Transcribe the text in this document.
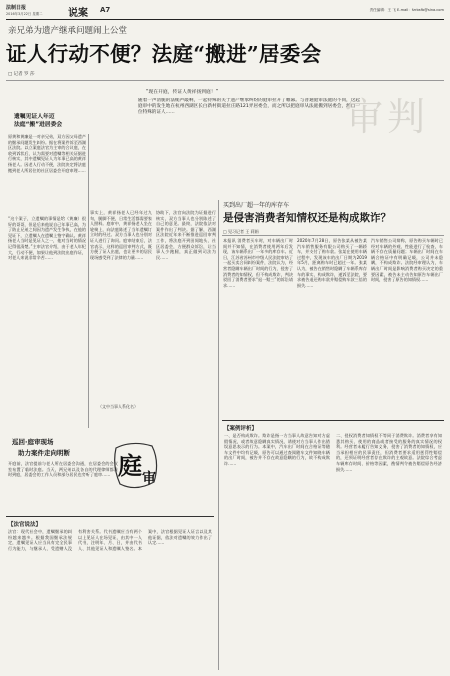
法制日报
2016年3月22日 星期二	说案 A7	责任编辑：王 飞 E-mail：fzrbsfb@sina.com
亲兄弟为遗产继承问题闹上公堂
证人行动不便？法庭“搬进”居委会
□ 记者 罗 莎
“现在开庭，传证人黄祥扬到庭！”
随着一声清脆的法槌声敲响，一起特殊的关于遗产继承纠纷的庭审拉开了帷幕。与普通庭审法庭的不同，这起庭审中的发生地在杭州西湖区长白新村街道拉庄路121弄居委会，而之所以把庭审从法庭搬到居委会，源自一位特殊的证人……	审判
遗嘱见证人年迈
法庭“搬”进居委会
原黄和黄廉是一对亲兄弟，双方因父母遗产的继承问题发生纠纷。据在将案件诉至西湖区法院。以立案庭法官为主审的合议庭，在收到诉状后，认为需要对遗嘱等相关证据进行核实，其中遗嘱见证人为年事已高的黄祥扬老人。因老人行动不便，法院决定将法庭搬到老人所居住的社区居委会开庭审理……
“这个案子，立遗嘱的事情是给（黄廉）很好的哥哥，但是后来他说自己年事已高，为了防止兄弟之间因为遗产发生争执，在他的见证下，立遗嘱人在遗嘱上签字确认。黄祥扬老人当时是见证人之一，他对当时的情况记得很清楚。”主审法官介绍，由于老人年纪大，行动不便，如果让他到法院出庭作证，对老人来说非常辛苦……
事实上，黄祥扬老人已经年过九旬，腿脚不便，日常生活都需要家人照料。庭审中，黄祥扬老人坐在轮椅上，向法庭陈述了当年遗嘱订立时的经过。双方当事人也分别对证人进行了询问。庭审结束后，法官表示，这样的巡回审判方式，既方便了证人出庭，也让更多的居民现场感受到了法律的力量……
（文中当事人系化名）
协助下，法官向法院为证据进行核实，双方当事人也分别陈述了自己的意见。最终，法院依法对案件作出了判决。据了解，西湖区法院近年来不断推进巡回审判工作，将法庭开到田间地头、社区居委会，方便群众诉讼，让当事人少跑腿，真正做到司法为民……
巡回·庭审现场
助力案件走向明断
开庭前，法官提前与老人所在居委会沟通，在居委会的会议室布置了临时法庭。当天，两兄弟以及各自的代理律师都准时到庭，居委会的工作人员和部分居民也旁听了庭审…… 庭 审
【法官说法】
法官：现代社会中，遗嘱继承的纠纷越来越多。根据我国继承法规定，遗嘱见证人应当具有完全民事行为能力，与继承人、受遗赠人没有利害关系。代书遗嘱应当有两个以上见证人在场见证，由其中一人代书，注明年、月、日，并由代书人、其他见证人和遗嘱人签名。本案中，法官根据见证人证言以及其他证据，依法对遗嘱的效力作出了认定……
买到出厂超一年的库存车
是侵害消费者知情权还是构成欺诈？
□ 见习记者 王 莉娟
本报讯 消费者买车时，对车辆出厂时间并不知情，在消费者使用两年后发现，该车辆系出厂一年多的库存车。近日，江苏省苏州市中级人民法院审结了一起买卖合同纠纷案件，法院认为，经营者隐瞒车辆出厂时间的行为，侵害了消费者的知情权，但不构成欺诈，判决驳回了消费者要求“退一赔三”的诉讼请求……
2020年7月28日，原告张某从被告某汽车销售服务有限公司购买了一辆轿车，并支付了购车款。张某在使用车辆过程中，发现该车的出厂日期为2019年5月，距离购车时已超过一年。张某认为，被告在销售时隐瞒了车辆系库存车的事实，构成欺诈，遂诉至法院，要求被告退还购车款并赔偿购车款三倍的损失……
汽车销售公司辩称，原告购买车辆时已经对车辆的外观、性能进行了检查，车辆不存在质量问题；车辆出厂时间在车辆合格证中有明确记载，公司并未隐瞒，不构成欺诈。法院经审理认为，车辆出厂时间是影响消费者购买决定的重要因素，被告未主动告知原告车辆出厂时间，侵害了原告的知情权……
【案例评析】
一、是否构成欺诈。欺诈是指一方当事人故意告知对方虚假情况，或者故意隐瞒真实情况，诱使对方当事人作出错误意思表示的行为。本案中，汽车出厂时间在合格证等随车文件中均有记载，原告可以通过查阅随车文件知晓车辆的出厂时间，被告并不存在故意隐瞒的行为，故不构成欺诈……
二、侵权消费者知情权不等同于消费欺诈。消费者享有知悉其购买、使用的商品或者接受的服务的真实情况的权利。经营者未履行告知义务，侵害了消费者的知情权，应当承担相应的民事责任，但消费者要求适用惩罚性赔偿的，还须证明经营者存在欺诈的主观故意。法院综合考虑车辆库存时间、价格等因素，酌情判令被告赔偿原告经济损失……
